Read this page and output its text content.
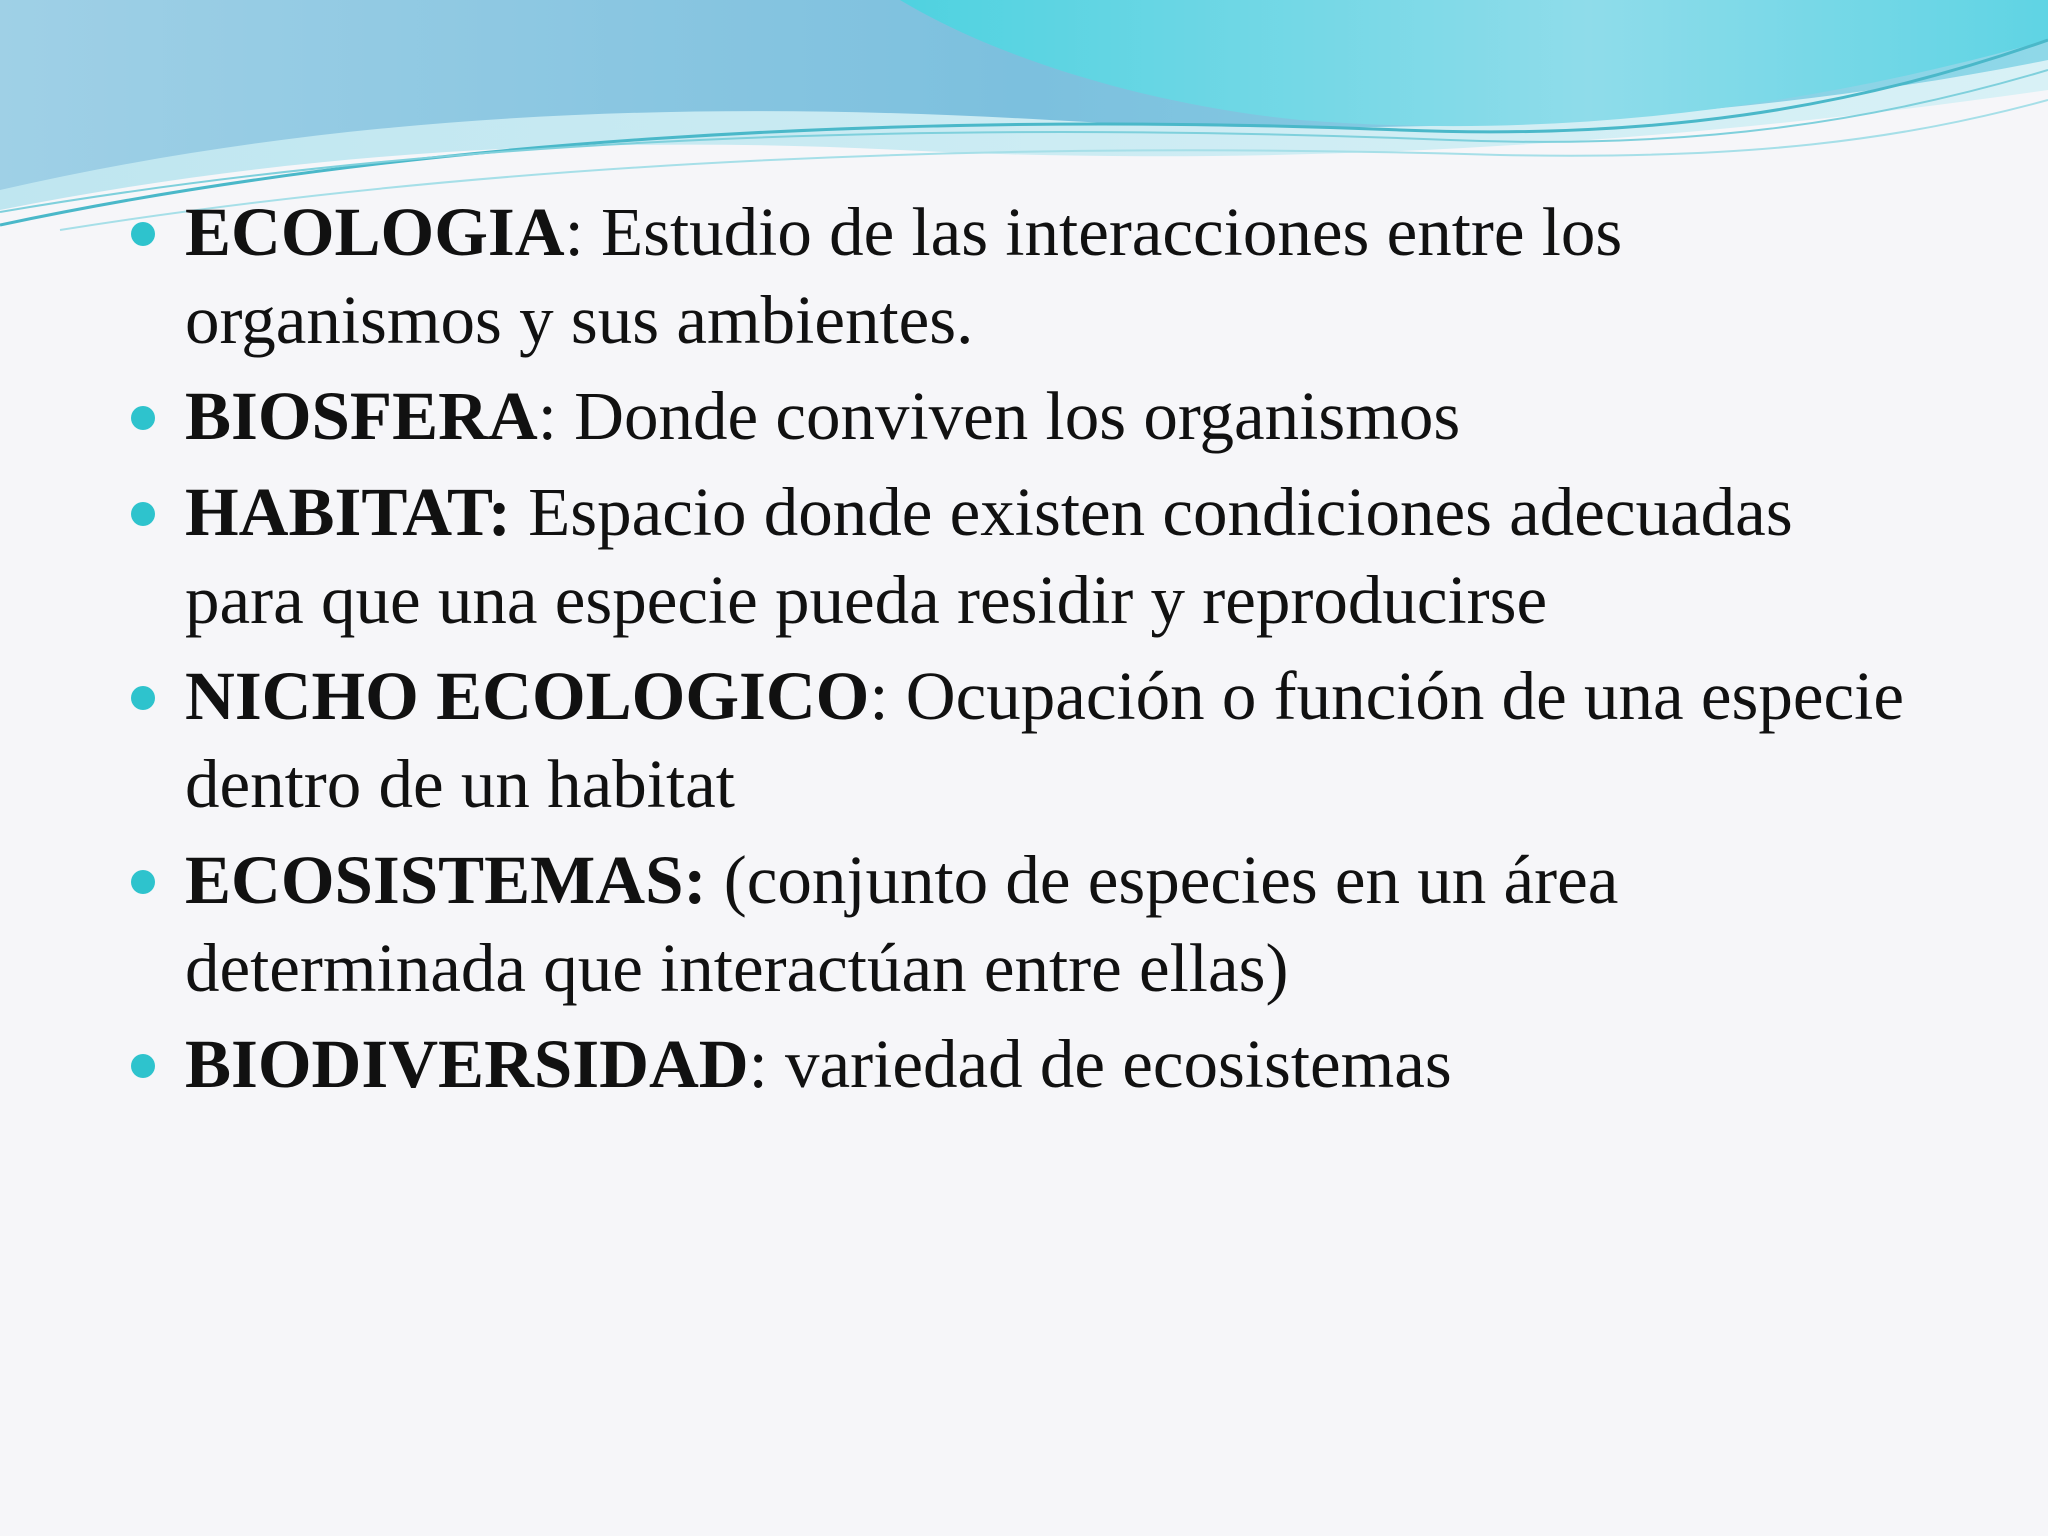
ECOLOGIA: Estudio de las interacciones entre los organismos y sus ambientes.
BIOSFERA: Donde conviven los organismos
HABITAT: Espacio donde existen condiciones adecuadas para que una especie pueda residir y reproducirse
NICHO ECOLOGICO: Ocupación o función de una especie dentro de un habitat
ECOSISTEMAS: (conjunto de especies en un área determinada que interactúan entre ellas)
BIODIVERSIDAD: variedad de ecosistemas
